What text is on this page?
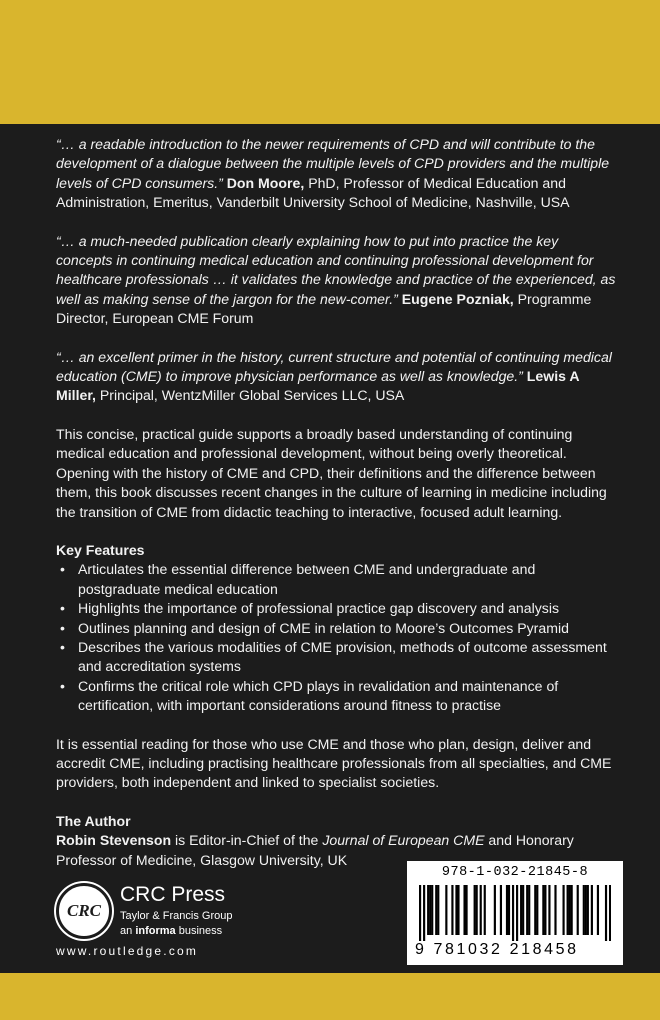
“… a readable introduction to the newer requirements of CPD and will contribute to the development of a dialogue between the multiple levels of CPD providers and the multiple levels of CPD consumers.” Don Moore, PhD, Professor of Medical Education and Administration, Emeritus, Vanderbilt University School of Medicine, Nashville, USA

“… a much-needed publication clearly explaining how to put into practice the key concepts in continuing medical education and continuing professional development for healthcare professionals … it validates the knowledge and practice of the experienced, as well as making sense of the jargon for the new-comer.” Eugene Pozniak, Programme Director, European CME Forum

“… an excellent primer in the history, current structure and potential of continuing medical education (CME) to improve physician performance as well as knowledge.” Lewis A Miller, Principal, WentzMiller Global Services LLC, USA

This concise, practical guide supports a broadly based understanding of continuing medical education and professional development, without being overly theoretical. Opening with the history of CME and CPD, their definitions and the difference between them, this book discusses recent changes in the culture of learning in medicine including the transition of CME from didactic teaching to interactive, focused adult learning.

Key Features

• Articulates the essential difference between CME and undergraduate and postgraduate medical education
• Highlights the importance of professional practice gap discovery and analysis
• Outlines planning and design of CME in relation to Moore’s Outcomes Pyramid
• Describes the various modalities of CME provision, methods of outcome assessment and accreditation systems
• Confirms the critical role which CPD plays in revalidation and maintenance of certification, with important considerations around fitness to practise

It is essential reading for those who use CME and those who plan, design, deliver and accredit CME, including practising healthcare professionals from all specialties, and CME providers, both independent and linked to specialist societies.

The Author

Robin Stevenson is Editor-in-Chief of the Journal of European CME and Honorary Professor of Medicine, Glasgow University, UK

CRC
CRC Press
Taylor & Francis Group
an informa business
www.routledge.com
978-1-032-21845-8
9 781032 218458
